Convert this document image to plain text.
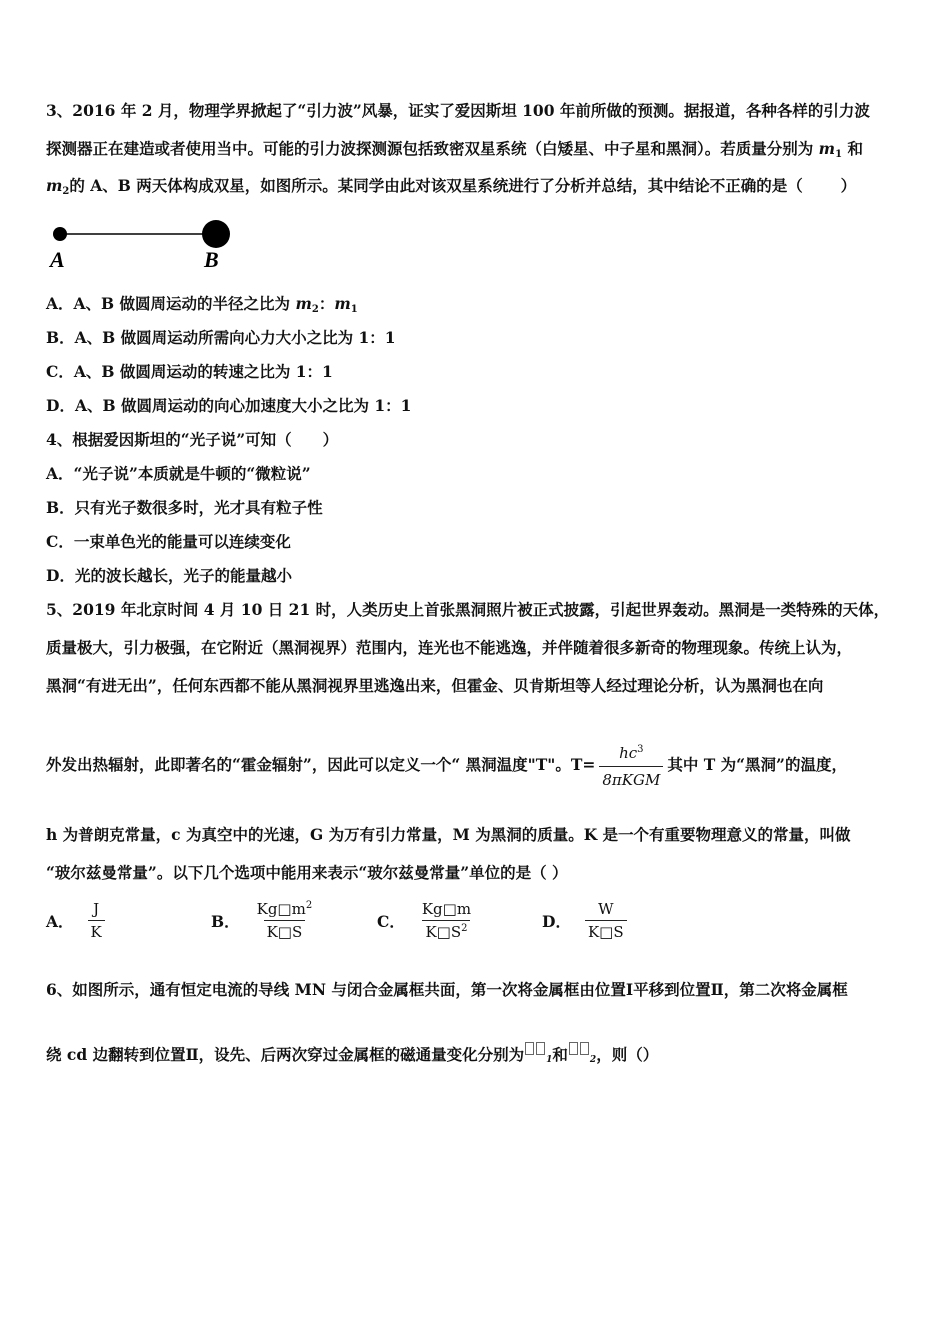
3、2016 年 2 月，物理学界掀起了“引力波”风暴，证实了爱因斯坦 100 年前所做的预测。据报道，各种各样的引力波
探测器正在建造或者使用当中。可能的引力波探测源包括致密双星系统（白矮星、中子星和黑洞）。若质量分别为 $m_1$ 和
$m_2$的 A、B 两天体构成双星，如图所示。某同学由此对该双星系统进行了分析并总结，其中结论不正确的是（ ）
A	B
A．A、B 做圆周运动的半径之比为 $m_2$：$m_1$
B．A、B 做圆周运动所需向心力大小之比为 1：1
C．A、B 做圆周运动的转速之比为 1：1
D．A、B 做圆周运动的向心加速度大小之比为 1：1
4、根据爱因斯坦的“光子说”可知（　　）
A．“光子说”本质就是牛顿的“微粒说”
B．只有光子数很多时，光才具有粒子性
C．一束单色光的能量可以连续变化
D．光的波长越长，光子的能量越小
5、2019 年北京时间 4 月 10 日 21 时，人类历史上首张黑洞照片被正式披露，引起世界轰动。黑洞是一类特殊的天体，
质量极大，引力极强，在它附近（黑洞视界）范围内，连光也不能逃逸，并伴随着很多新奇的物理现象。传统上认为，
黑洞“有进无出”，任何东西都不能从黑洞视界里逃逸出来，但霍金、贝肯斯坦等人经过理论分析，认为黑洞也在向
外发出热辐射，此即著名的“霍金辐射”，因此可以定义一个“ 黑洞温度"T"。$T= \frac{hc^3}{\text{8πKGM}}$ 其中 T 为“黑洞”的温度，
h 为普朗克常量，c 为真空中的光速，G 为万有引力常量，M 为黑洞的质量。K 是一个有重要物理意义的常量，叫做
“玻尔兹曼常量”。以下几个选项中能用来表示“玻尔兹曼常量”单位的是（ ）
A． $\frac{J}{K}$	B． $\frac{Kg□m^2}{K□S}$	C． $\frac{Kg□m}{K□S^2}$	D． $\frac{W}{K□S}$
6、如图所示，通有恒定电流的导线 MN 与闭合金属框共面，第一次将金属框由位置Ⅰ平移到位置Ⅱ，第二次将金属框
绕 cd 边翻转到位置Ⅱ，设先、后两次穿过金属框的磁通量变化分别为 1和 2，则（）
